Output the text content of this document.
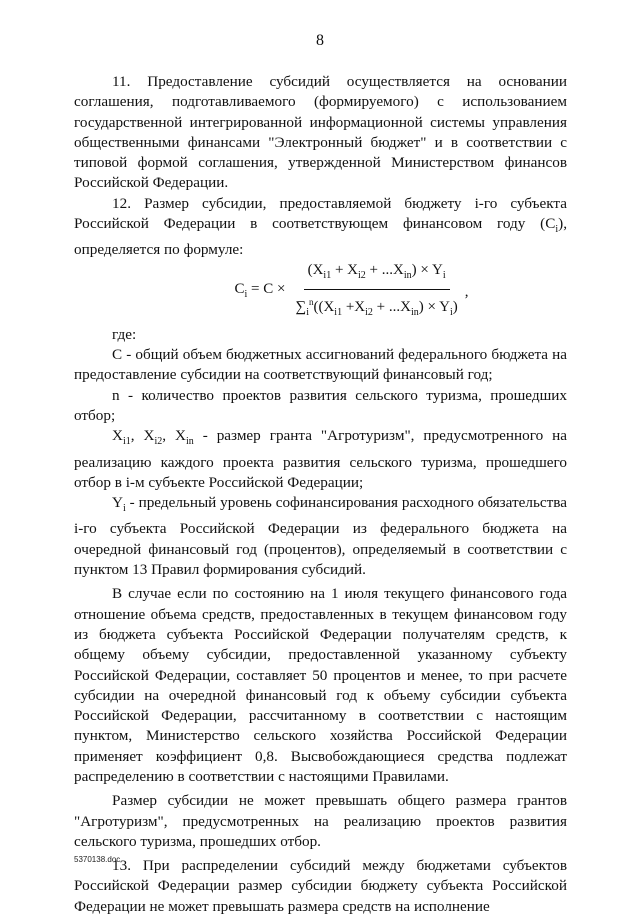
8

11. Предоставление субсидий осуществляется на основании соглашения, подготавливаемого (формируемого) с использованием государственной интегрированной информационной системы управления общественными финансами "Электронный бюджет" и в соответствии с типовой формой соглашения, утвержденной Министерством финансов Российской Федерации.

12. Размер субсидии, предоставляемой бюджету i-го субъекта Российской Федерации в соответствующем финансовом году $(C_i)$, определяется по формуле:

$C_i = C \times \frac{(X_{i1} + X_{i2} + ...X_{in}) \times Y_i}{\sum_i^n((X_{i1} +X_{i2} + ...X_{in}) \times Y_i)}$ ,

где:

С - общий объем бюджетных ассигнований федерального бюджета на предоставление субсидии на соответствующий финансовый год;

n - количество проектов развития сельского туризма, прошедших отбор;

$X_{i1}$, $X_{i2}$, $X_{in}$ - размер гранта "Агротуризм", предусмотренного на реализацию каждого проекта развития сельского туризма, прошедшего отбор в i-м субъекте Российской Федерации;

$Y_i$ - предельный уровень софинансирования расходного обязательства i-го субъекта Российской Федерации из федерального бюджета на очередной финансовый год (процентов), определяемый в соответствии с пунктом 13 Правил формирования субсидий.

В случае если по состоянию на 1 июля текущего финансового года отношение объема средств, предоставленных в текущем финансовом году из бюджета субъекта Российской Федерации получателям средств, к общему объему субсидии, предоставленной указанному субъекту Российской Федерации, составляет 50 процентов и менее, то при расчете субсидии на очередной финансовый год к объему субсидии субъекта Российской Федерации, рассчитанному в соответствии с настоящим пунктом, Министерство сельского хозяйства Российской Федерации применяет коэффициент 0,8. Высвобождающиеся средства подлежат распределению в соответствии с настоящими Правилами.

Размер субсидии не может превышать общего размера грантов "Агротуризм", предусмотренных на реализацию проектов развития сельского туризма, прошедших отбор.

13. При распределении субсидий между бюджетами субъектов Российской Федерации размер субсидии бюджету субъекта Российской Федерации не может превышать размера средств на исполнение

5370138.doc
